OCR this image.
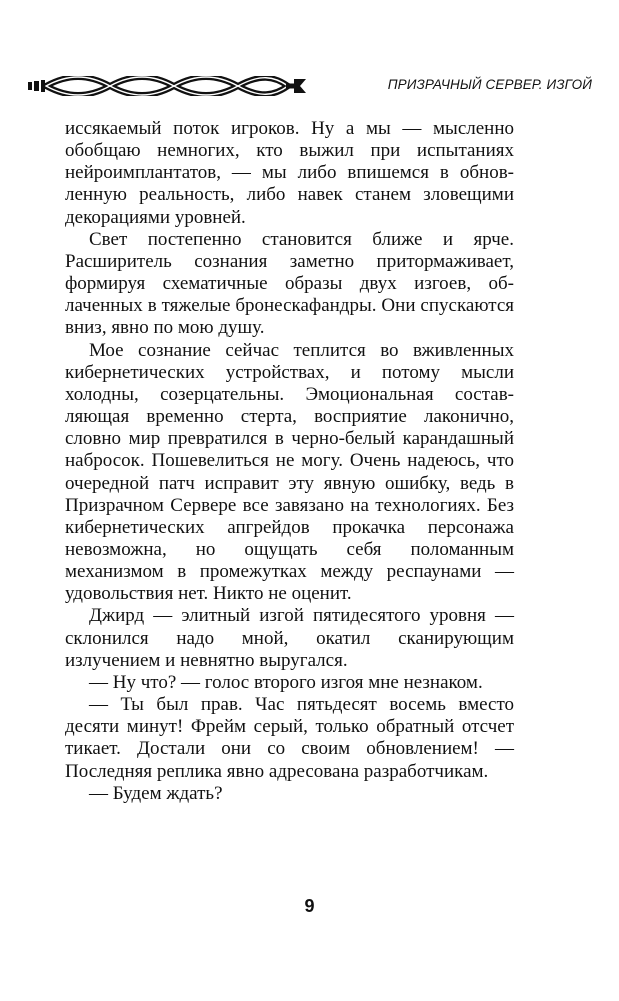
ПРИЗРАЧНЫЙ СЕРВЕР. ИЗГОЙ

иссякаемый поток игроков. Ну а мы — мысленно обобщаю немногих, кто выжил при испытаниях нейроимплантатов, — мы либо впишемся в обновленную реальность, либо навек станем зловещими декорациями уровней.

Свет постепенно становится ближе и ярче. Расширитель сознания заметно притормаживает, формируя схематичные образы двух изгоев, облаченных в тяжелые бронескафандры. Они спускаются вниз, явно по мою душу.

Мое сознание сейчас теплится во вживленных кибернетических устройствах, и потому мысли холодны, созерцательны. Эмоциональная составляющая временно стерта, восприятие лаконично, словно мир превратился в черно-белый карандашный набросок. Пошевелиться не могу. Очень надеюсь, что очередной патч исправит эту явную ошибку, ведь в Призрачном Сервере все завязано на технологиях. Без кибернетических апгрейдов прокачка персонажа невозможна, но ощущать себя поломанным механизмом в промежутках между респаунами — удовольствия нет. Никто не оценит.

Джирд — элитный изгой пятидесятого уровня — склонился надо мной, окатил сканирующим излучением и невнятно выругался.

— Ну что? — голос второго изгоя мне незнаком.

— Ты был прав. Час пятьдесят восемь вместо десяти минут! Фрейм серый, только обратный отсчет тикает. Достали они со своим обновлением! — Последняя реплика явно адресована разработчикам.

— Будем ждать?

9
